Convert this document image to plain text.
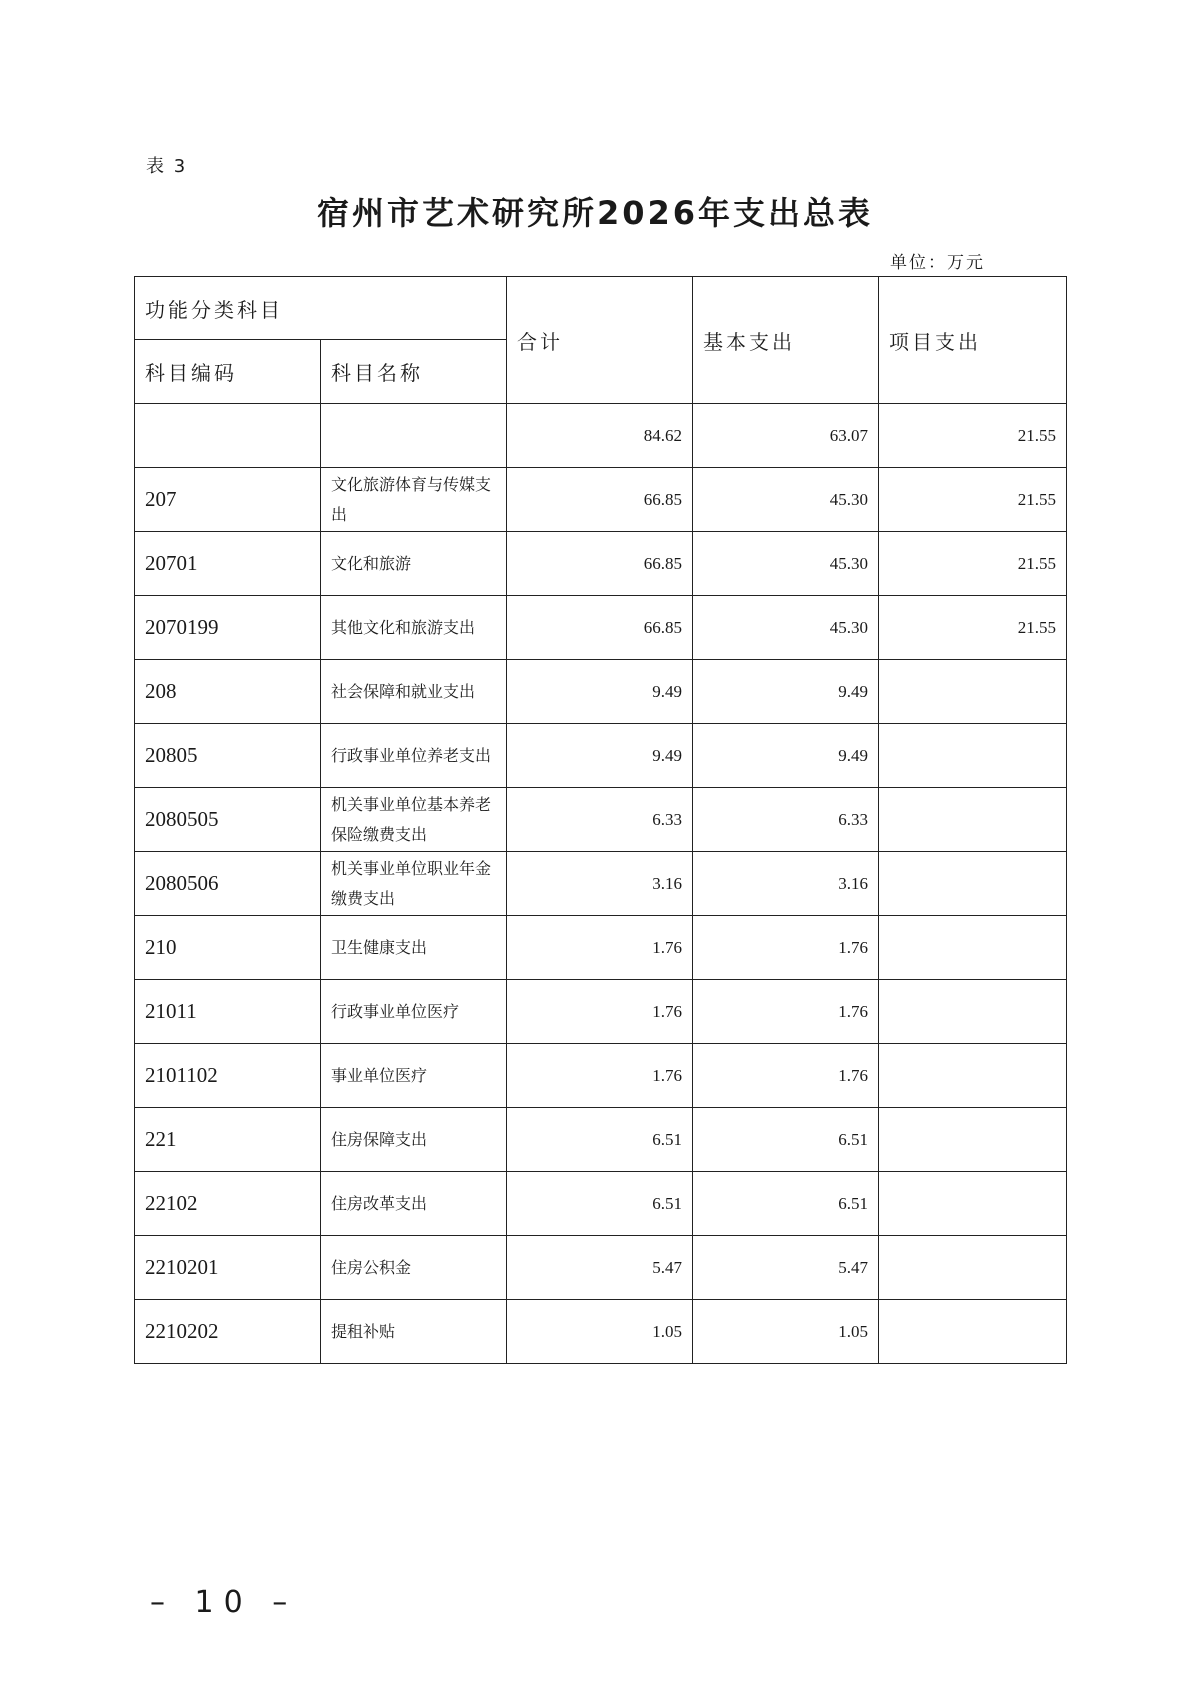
表 3
宿州市艺术研究所2026年支出总表
单位：万元
功能分类科目		合计	基本支出	项目支出
科目编码	科目名称			
		84.62	63.07	21.55
207	文化旅游体育与传媒支出	66.85	45.30	21.55
20701	文化和旅游	66.85	45.30	21.55
2070199	其他文化和旅游支出	66.85	45.30	21.55
208	社会保障和就业支出	9.49	9.49	
20805	行政事业单位养老支出	9.49	9.49	
2080505	机关事业单位基本养老保险缴费支出	6.33	6.33	
2080506	机关事业单位职业年金缴费支出	3.16	3.16	
210	卫生健康支出	1.76	1.76	
21011	行政事业单位医疗	1.76	1.76	
2101102	事业单位医疗	1.76	1.76	
221	住房保障支出	6.51	6.51	
22102	住房改革支出	6.51	6.51	
2210201	住房公积金	5.47	5.47	
2210202	提租补贴	1.05	1.05	
– 10 –
